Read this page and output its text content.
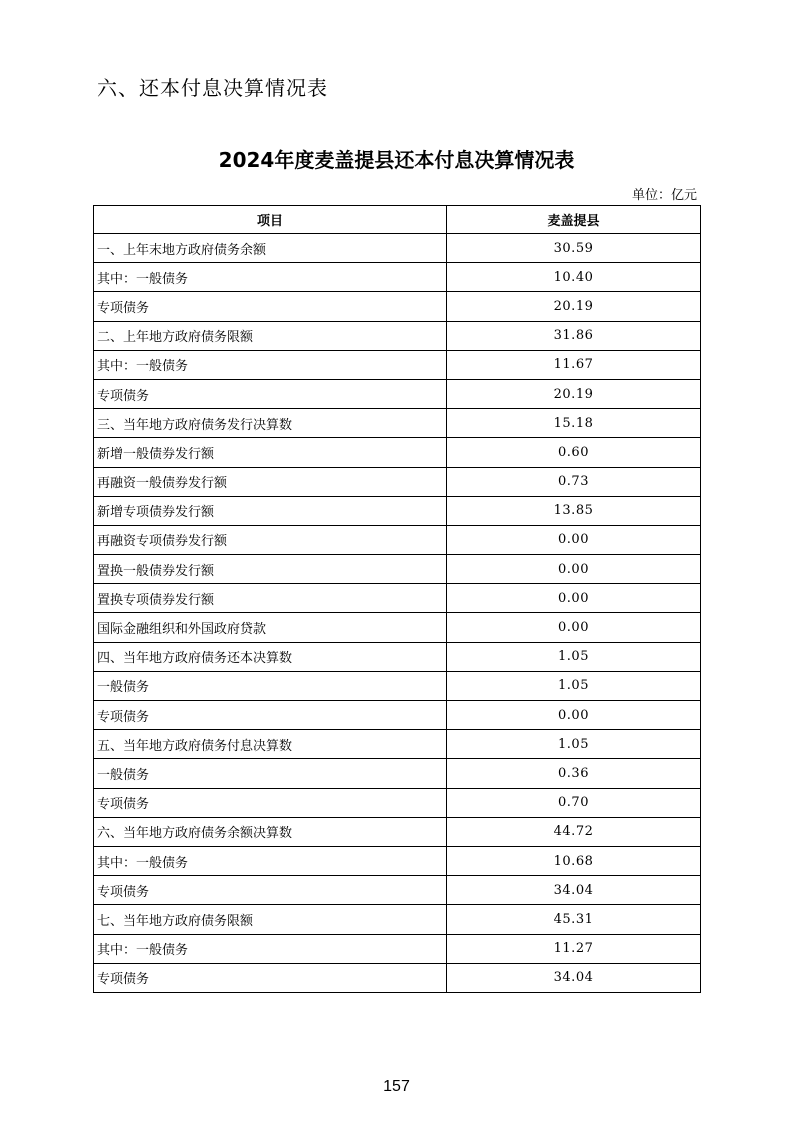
六、还本付息决算情况表
2024年度麦盖提县还本付息决算情况表
单位：亿元
项目	麦盖提县
一、上年末地方政府债务余额	30.59
其中：一般债务	10.40
专项债务	20.19
二、上年地方政府债务限额	31.86
其中：一般债务	11.67
专项债务	20.19
三、当年地方政府债务发行决算数	15.18
新增一般债券发行额	0.60
再融资一般债券发行额	0.73
新增专项债券发行额	13.85
再融资专项债券发行额	0.00
置换一般债券发行额	0.00
置换专项债券发行额	0.00
国际金融组织和外国政府贷款	0.00
四、当年地方政府债务还本决算数	1.05
一般债务	1.05
专项债务	0.00
五、当年地方政府债务付息决算数	1.05
一般债务	0.36
专项债务	0.70
六、当年地方政府债务余额决算数	44.72
其中：一般债务	10.68
专项债务	34.04
七、当年地方政府债务限额	45.31
其中：一般债务	11.27
专项债务	34.04
157
